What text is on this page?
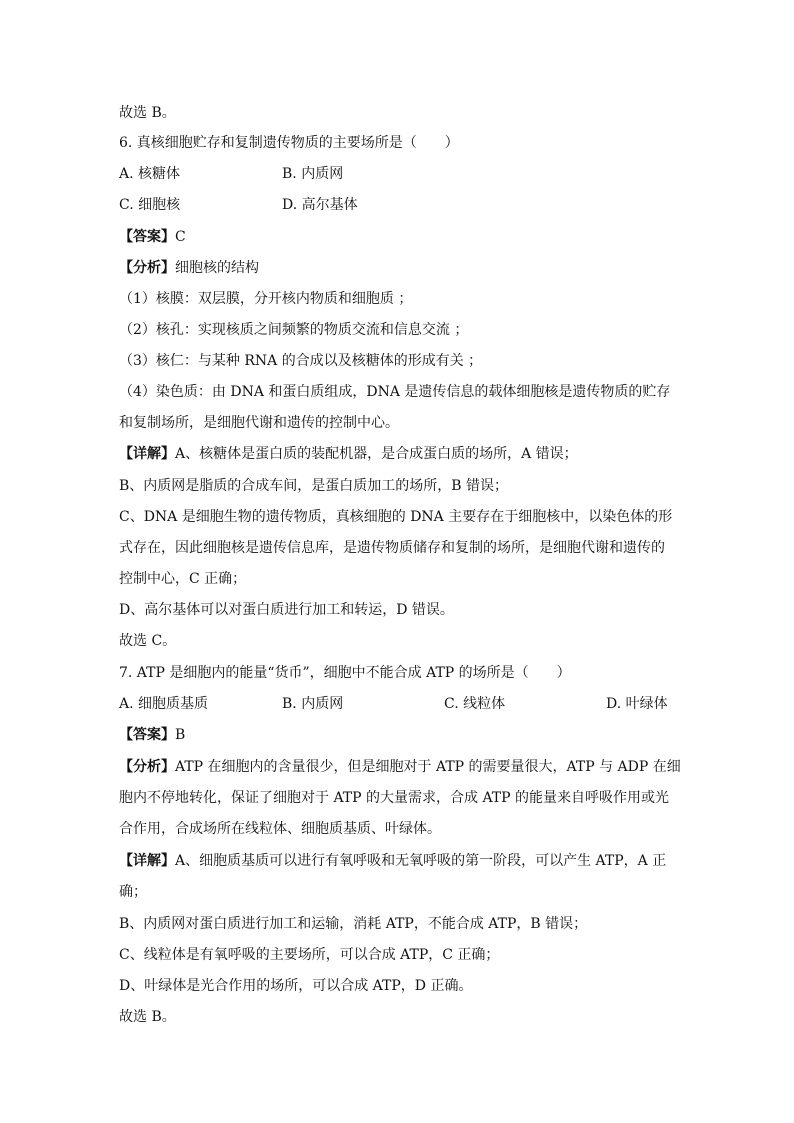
故选 B。
6. 真核细胞贮存和复制遗传物质的主要场所是（　　）
A. 核糖体	B. 内质网
C. 细胞核	D. 高尔基体
【答案】C
【分析】细胞核的结构
（1）核膜：双层膜，分开核内物质和细胞质 ；
（2）核孔：实现核质之间频繁的物质交流和信息交流 ；
（3）核仁：与某种 RNA 的合成以及核糖体的形成有关 ；
（4）染色质：由 DNA 和蛋白质组成，DNA 是遗传信息的载体细胞核是遗传物质的贮存
和复制场所，是细胞代谢和遗传的控制中心。
【详解】A、核糖体是蛋白质的装配机器，是合成蛋白质的场所，A 错误；
B、内质网是脂质的合成车间，是蛋白质加工的场所，B 错误；
C、DNA 是细胞生物的遗传物质，真核细胞的 DNA 主要存在于细胞核中，以染色体的形
式存在，因此细胞核是遗传信息库，是遗传物质储存和复制的场所，是细胞代谢和遗传的
控制中心，C 正确；
D、高尔基体可以对蛋白质进行加工和转运，D 错误。
故选 C。
7. ATP 是细胞内的能量“货币”，细胞中不能合成 ATP 的场所是（　　）
A. 细胞质基质	B. 内质网	C. 线粒体	D. 叶绿体
【答案】B
【分析】ATP 在细胞内的含量很少，但是细胞对于 ATP 的需要量很大，ATP 与 ADP 在细
胞内不停地转化，保证了细胞对于 ATP 的大量需求，合成 ATP 的能量来自呼吸作用或光
合作用，合成场所在线粒体、细胞质基质、叶绿体。
【详解】A、细胞质基质可以进行有氧呼吸和无氧呼吸的第一阶段，可以产生 ATP，A 正
确；
B、内质网对蛋白质进行加工和运输，消耗 ATP，不能合成 ATP，B 错误；
C、线粒体是有氧呼吸的主要场所，可以合成 ATP，C 正确；
D、叶绿体是光合作用的场所，可以合成 ATP，D 正确。
故选 B。
